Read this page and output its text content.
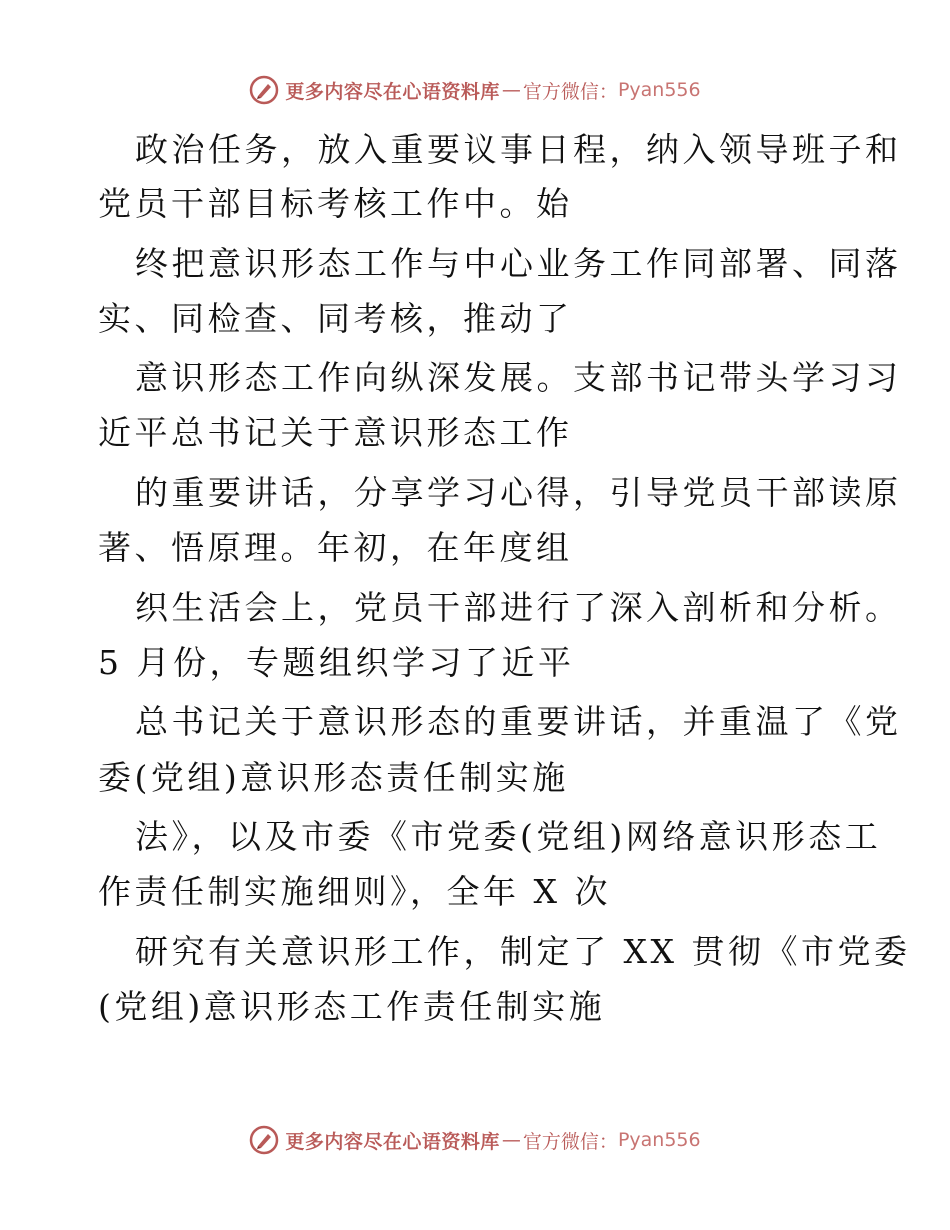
更多内容尽在心语资料库 — 官方微信： Pyan556
政治任务，放入重要议事日程，纳入领导班子和
党员干部目标考核工作中。始
终把意识形态工作与中心业务工作同部署、同落
实、同检查、同考核，推动了
意识形态工作向纵深发展。支部书记带头学习习
近平总书记关于意识形态工作
的重要讲话，分享学习心得，引导党员干部读原
著、悟原理。年初，在年度组
织生活会上，党员干部进行了深入剖析和分析。
5 月份，专题组织学习了近平
总书记关于意识形态的重要讲话，并重温了《党
委(党组)意识形态责任制实施
法》，以及市委《市党委(党组)网络意识形态工
作责任制实施细则》，全年 X 次
研究有关意识形工作，制定了 XX 贯彻《市党委
(党组)意识形态工作责任制实施
更多内容尽在心语资料库 — 官方微信： Pyan556
